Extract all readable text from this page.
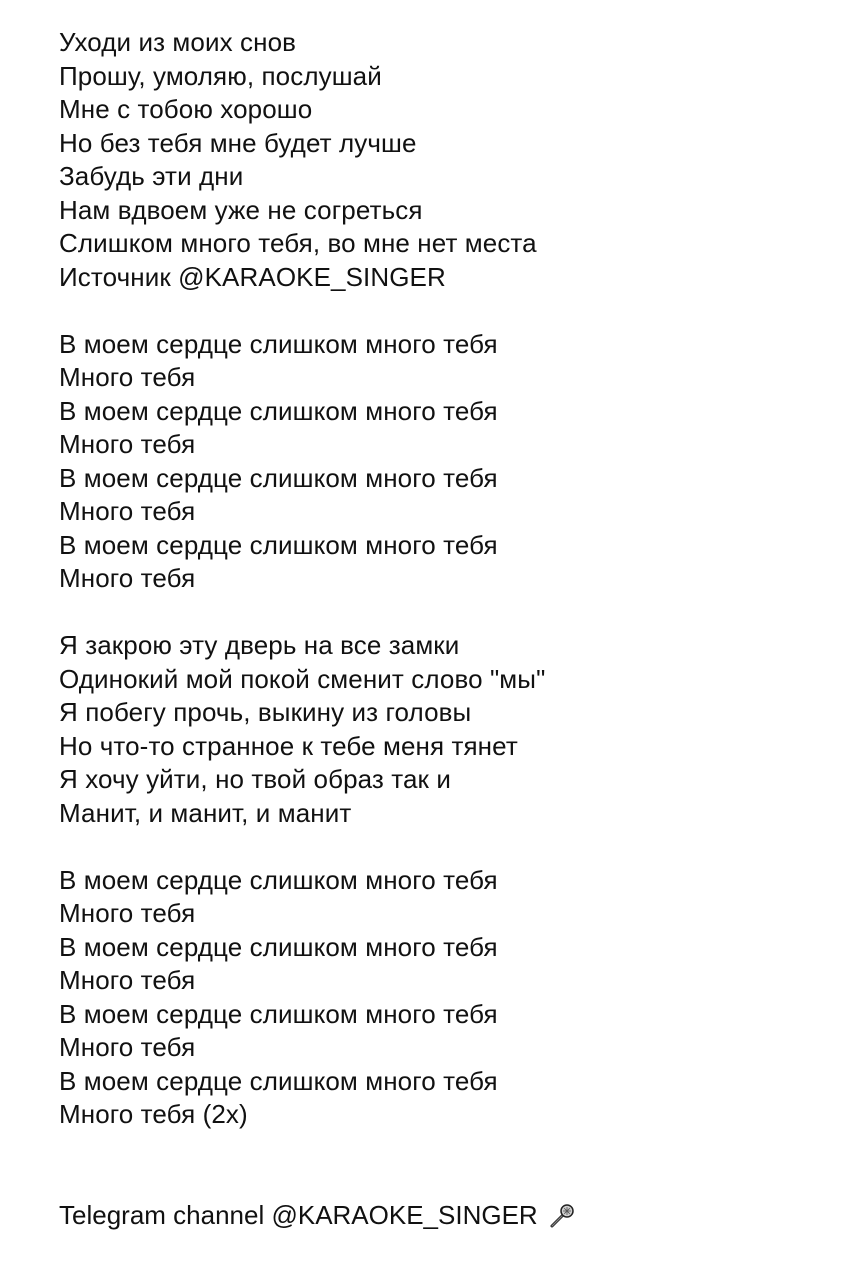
Уходи из моих снов
Прошу, умоляю, послушай
Мне с тобою хорошо
Но без тебя мне будет лучше
Забудь эти дни
Нам вдвоем уже не согреться
Слишком много тебя, во мне нет места
Источник @KARAOKE_SINGER
В моем сердце слишком много тебя
Много тебя
В моем сердце слишком много тебя
Много тебя
В моем сердце слишком много тебя
Много тебя
В моем сердце слишком много тебя
Много тебя
Я закрою эту дверь на все замки
Одинокий мой покой сменит слово "мы"
Я побегу прочь, выкину из головы
Но что-то странное к тебе меня тянет
Я хочу уйти, но твой образ так и
Манит, и манит, и манит
В моем сердце слишком много тебя
Много тебя
В моем сердце слишком много тебя
Много тебя
В моем сердце слишком много тебя
Много тебя
В моем сердце слишком много тебя
Много тебя (2x)
Telegram channel @KARAOKE_SINGER
